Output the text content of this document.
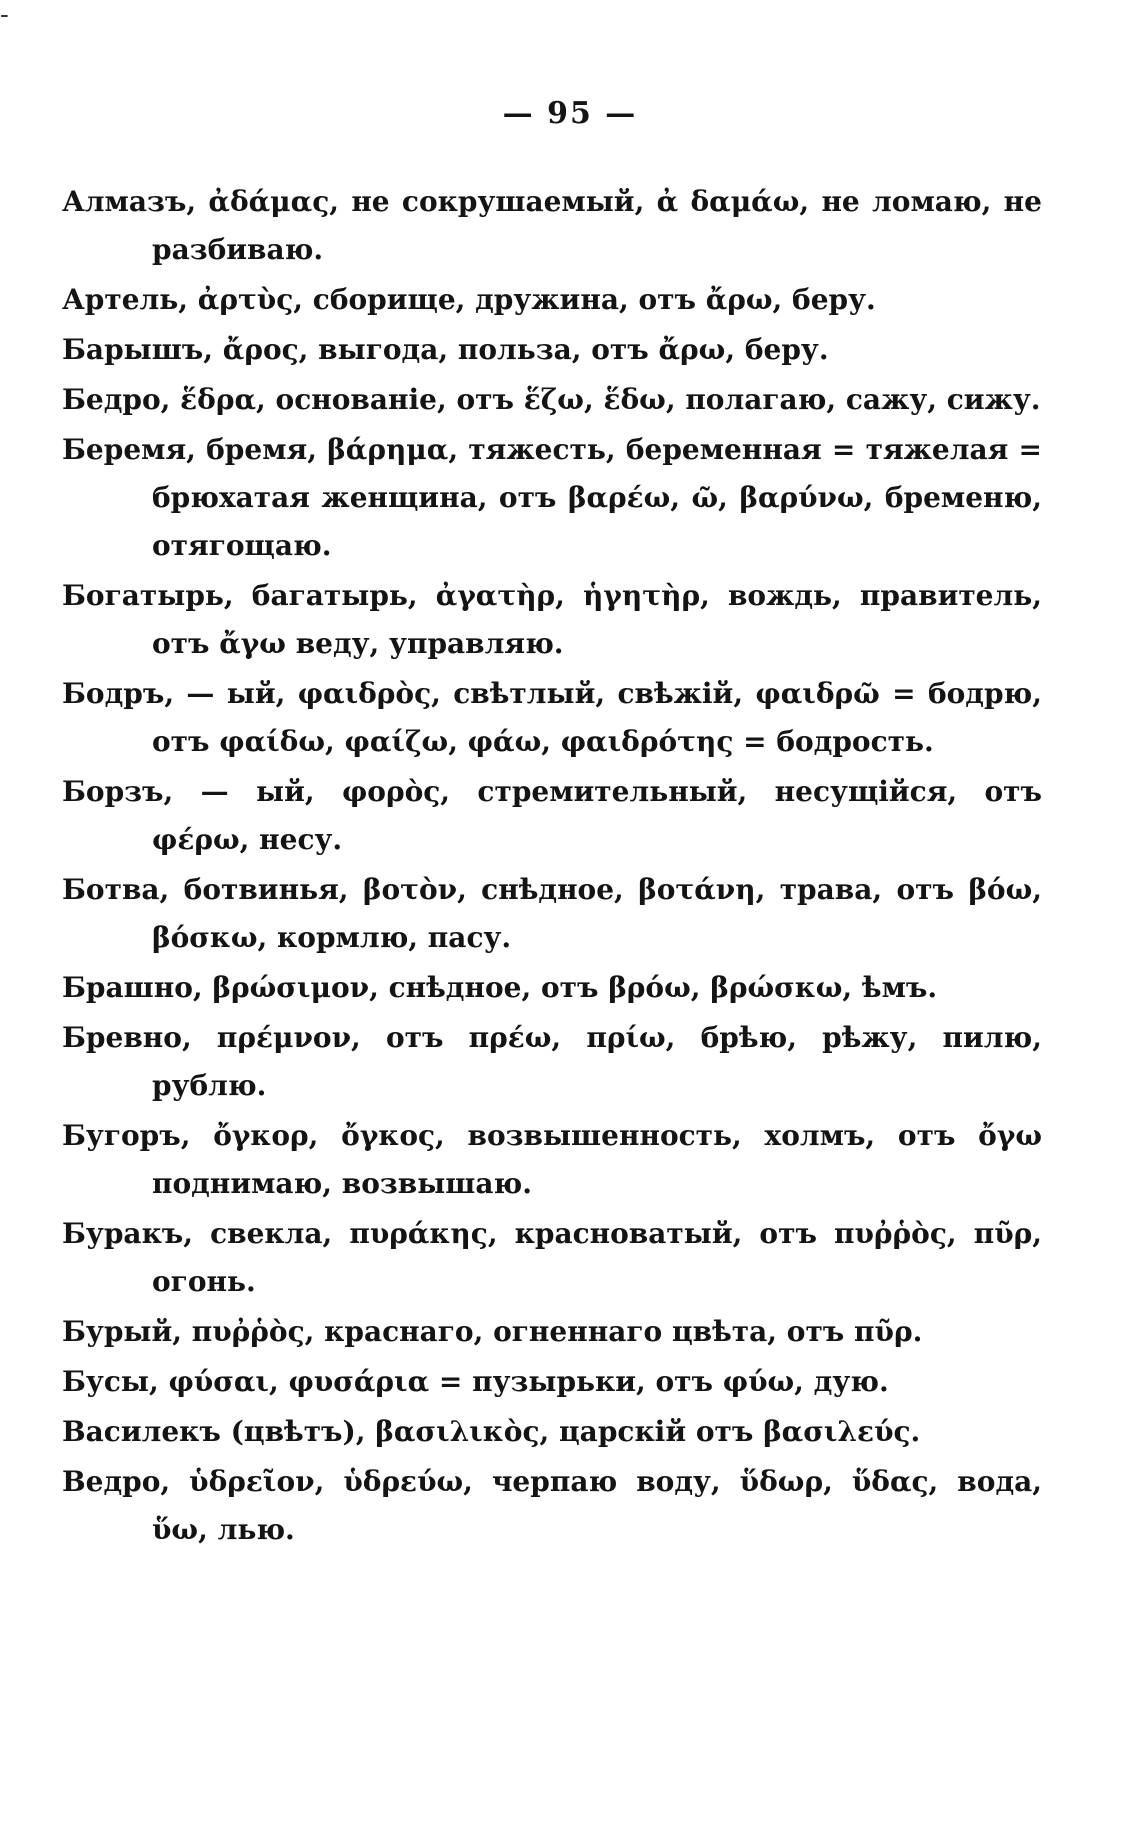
-
— 95 —

Алмазъ, ἀδάμας, не сокрушаемый, ἀ δαμάω, не ломаю, не разбиваю.

Артель, ἀρτὺς, сборище, дружина, отъ ἄρω, беру.

Барышъ, ἄρος, выгода, польза, отъ ἄρω, беру.

Бедро, ἕδρα, основаніе, отъ ἕζω, ἕδω, полагаю, сажу, сижу.

Беремя, бремя, βάρημα, тяжесть, беременная = тяжелая = брюхатая женщина, отъ βαρέω, ῶ, βαρύνω, бременю, отягощаю.

Богатырь, багатырь, ἀγατὴρ, ἡγητὴρ, вождь, правитель, отъ ἄγω веду, управляю.

Бодръ, — ый, φαιδρὸς, свѣтлый, свѣжій, φαιδρῶ = бодрю, отъ φαίδω, φαίζω, φάω, φαιδρότης = бодрость.

Борзъ, — ый, φορὸς, стремительный, несущійся, отъ φέρω, несу.

Ботва, ботвинья, βοτὸν, снѣдное, βοτάνη, трава, отъ βόω, βόσκω, кормлю, пасу.

Брашно, βρώσιμον, снѣдное, отъ βρόω, βρώσκω, ѣмъ.

Бревно, πρέμνον, отъ πρέω, πρίω, брѣю, рѣжу, пилю, рублю.

Бугоръ, ὄγκορ, ὄγκος, возвышенность, холмъ, отъ ὄγω поднимаю, возвышаю.

Буракъ, свекла, πυράκης, красноватый, отъ πυῤῥὸς, πῦρ, огонь.

Бурый, πυῤῥὸς, краснаго, огненнаго цвѣта, отъ πῦρ.

Бусы, φύσαι, φυσάρια = пузырьки, отъ φύω, дую.

Василекъ (цвѣтъ), βασιλικὸς, царскій отъ βασιλεύς.

Ведро, ὑδρεῖον, ὑδρεύω, черпаю воду, ὕδωρ, ὕδας, вода, ὕω, лью.
